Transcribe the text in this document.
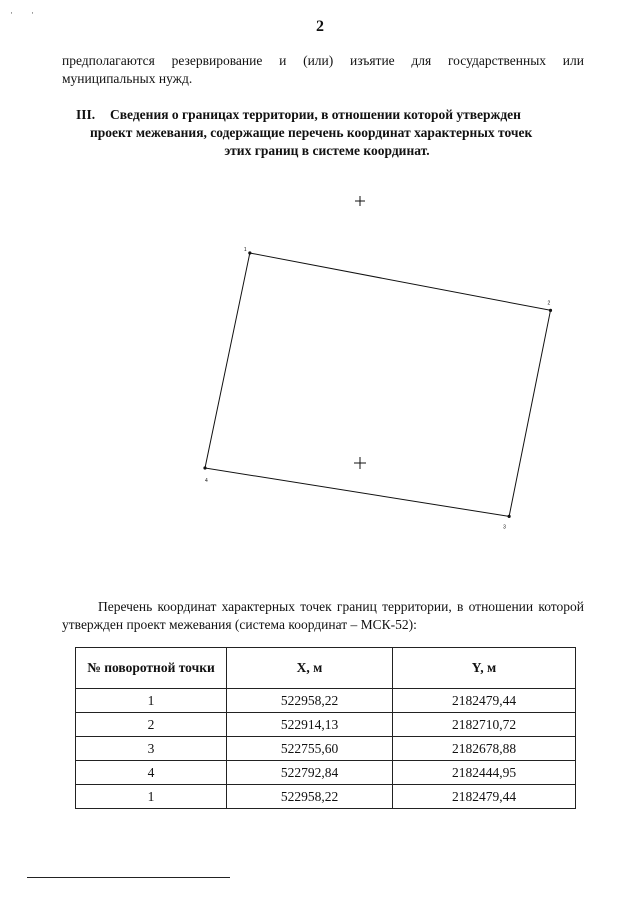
··
2
предполагаются резервирование и (или) изъятие для государственных или муниципальных нужд.
III.	Сведения о границах территории, в отношении которой утвержден
проект межевания, содержащие перечень координат характерных точек
этих границ в системе координат.
1
2
3
4
Перечень координат характерных точек границ территории, в отношении которой утвержден проект межевания (система координат – МСК-52):
№ поворотной точки	X, м	Y, м
1	522958,22	2182479,44
2	522914,13	2182710,72
3	522755,60	2182678,88
4	522792,84	2182444,95
1	522958,22	2182479,44
